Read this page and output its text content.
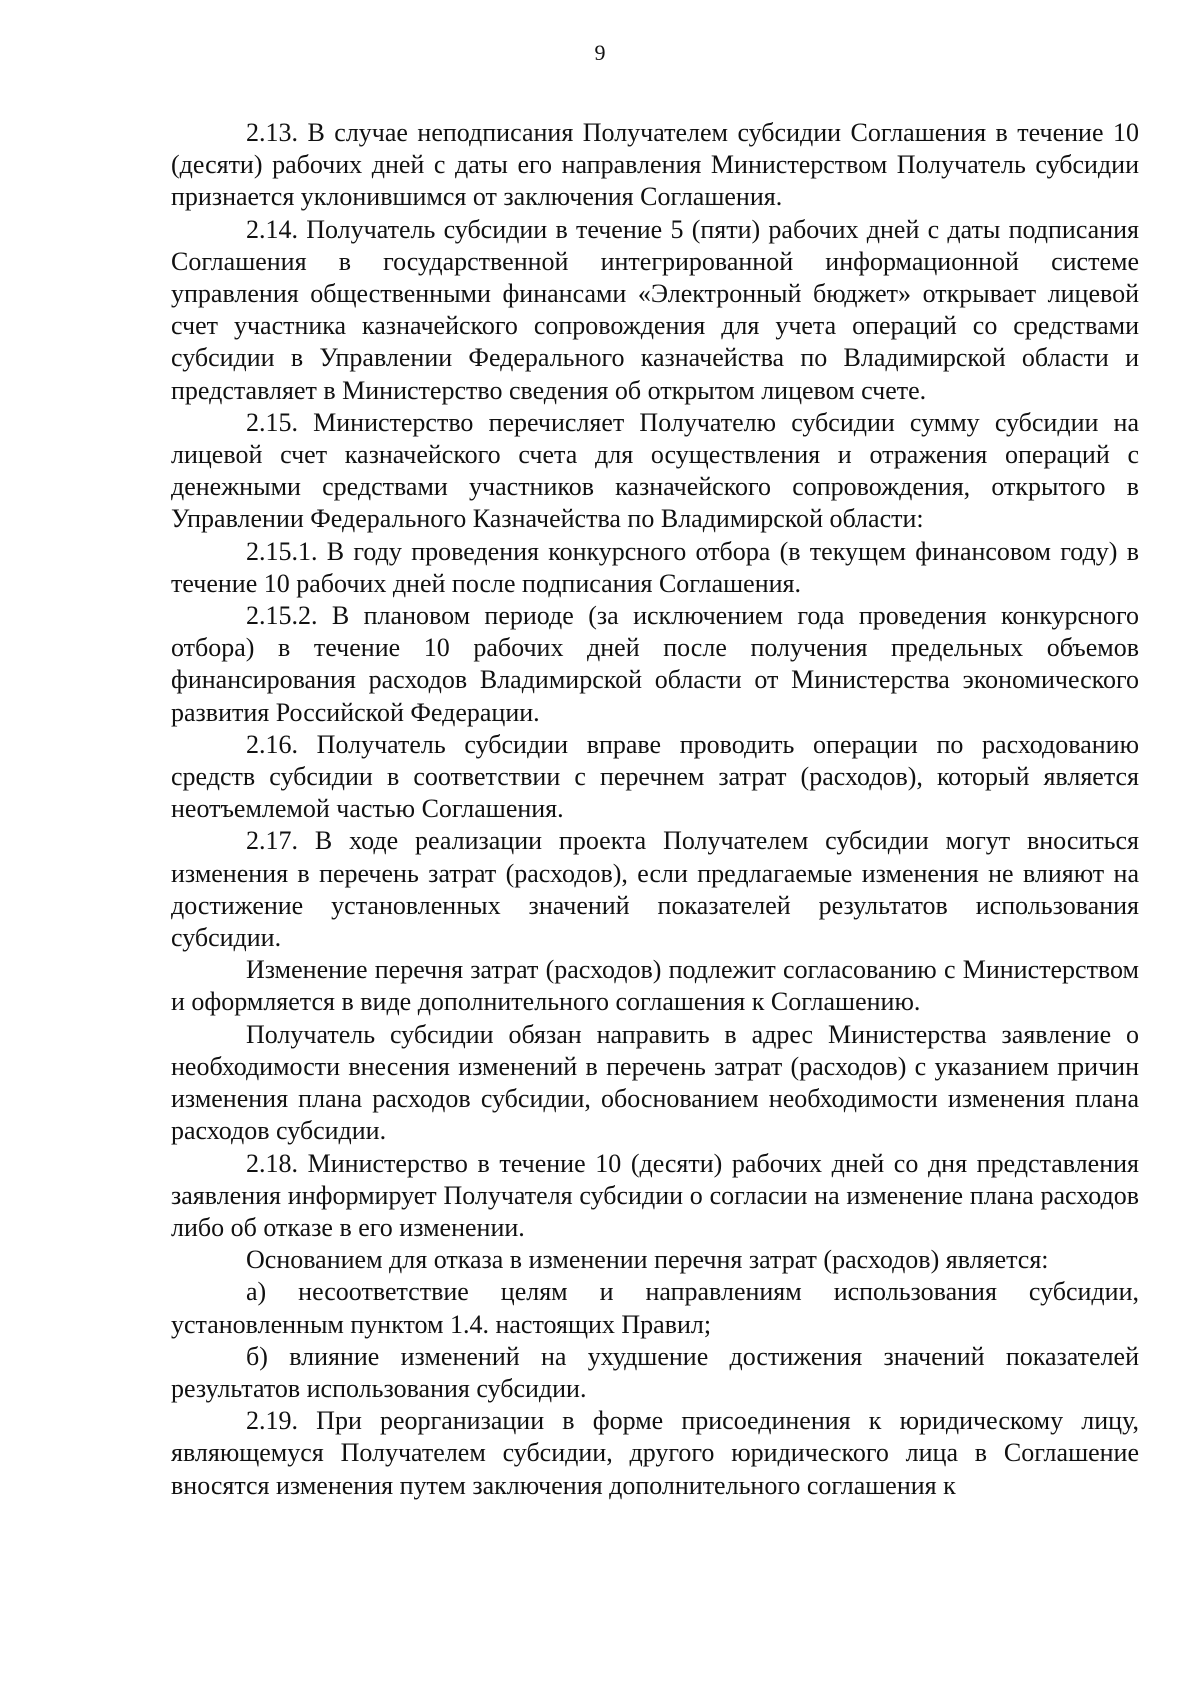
9

2.13. В случае неподписания Получателем субсидии Соглашения в течение 10 (десяти) рабочих дней с даты его направления Министерством Получатель субсидии признается уклонившимся от заключения Соглашения.

2.14. Получатель субсидии в течение 5 (пяти) рабочих дней с даты подписания Соглашения в государственной интегрированной информационной системе управления общественными финансами «Электронный бюджет» открывает лицевой счет участника казначейского сопровождения для учета операций со средствами субсидии в Управлении Федерального казначейства по Владимирской области и представляет в Министерство сведения об открытом лицевом счете.

2.15. Министерство перечисляет Получателю субсидии сумму субсидии на лицевой счет казначейского счета для осуществления и отражения операций с денежными средствами участников казначейского сопровождения, открытого в Управлении Федерального Казначейства по Владимирской области:

2.15.1. В году проведения конкурсного отбора (в текущем финансовом году) в течение 10 рабочих дней после подписания Соглашения.

2.15.2. В плановом периоде (за исключением года проведения конкурсного отбора) в течение 10 рабочих дней после получения предельных объемов финансирования расходов Владимирской области от Министерства экономического развития Российской Федерации.

2.16. Получатель субсидии вправе проводить операции по расходованию средств субсидии в соответствии с перечнем затрат (расходов), который является неотъемлемой частью Соглашения.

2.17. В ходе реализации проекта Получателем субсидии могут вноситься изменения в перечень затрат (расходов), если предлагаемые изменения не влияют на достижение установленных значений показателей результатов использования субсидии.

Изменение перечня затрат (расходов) подлежит согласованию с Министерством и оформляется в виде дополнительного соглашения к Соглашению.

Получатель субсидии обязан направить в адрес Министерства заявление о необходимости внесения изменений в перечень затрат (расходов) с указанием причин изменения плана расходов субсидии, обоснованием необходимости изменения плана расходов субсидии.

2.18. Министерство в течение 10 (десяти) рабочих дней со дня представления заявления информирует Получателя субсидии о согласии на изменение плана расходов либо об отказе в его изменении.

Основанием для отказа в изменении перечня затрат (расходов) является:

а) несоответствие целям и направлениям использования субсидии, установленным пунктом 1.4. настоящих Правил;

б) влияние изменений на ухудшение достижения значений показателей результатов использования субсидии.

2.19. При реорганизации в форме присоединения к юридическому лицу, являющемуся Получателем субсидии, другого юридического лица в Соглашение вносятся изменения путем заключения дополнительного соглашения к
